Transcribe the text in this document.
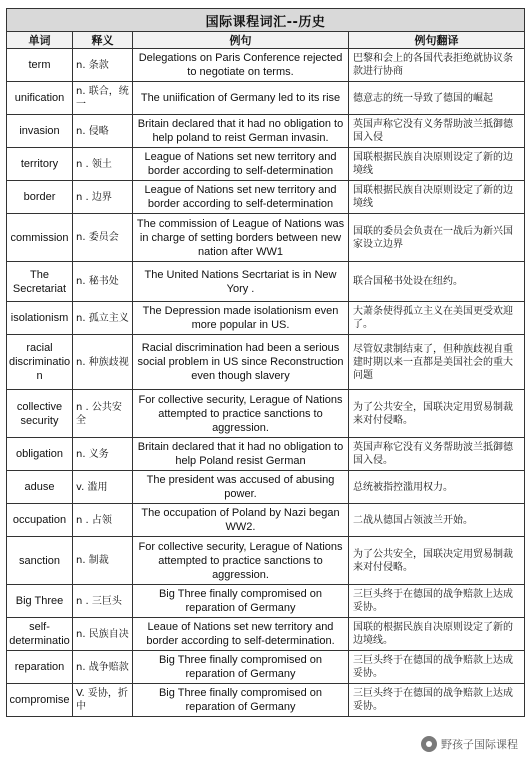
国际课程词汇--历史			
单词	释义	例句	例句翻译
term	n. 条款	Delegations on Paris Conference rejected to negotiate on terms.	巴黎和会上的各国代表拒绝就协议条款进行协商
unification	n. 联合，统一	The uniification of Germany led to its rise	德意志的统一导致了德国的崛起
invasion	n. 侵略	Britain declared that it had no obligation to help poland to reist German invasin.	英国声称它没有义务帮助波兰抵御德国入侵
territory	n . 领土	League of Nations set new territory and border according to self-determination	国联根据民族自决原则设定了新的边境线
border	n . 边界	League of Nations set new territory and border according to self-determination	国联根据民族自决原则设定了新的边境线
commission	n. 委员会	The commission of League of Nations was in charge of setting borders between new nation after WW1	国联的委员会负责在一战后为新兴国家设立边界
The Secretariat	n. 秘书处	The United Nations Secrtariat is in New Yory .	联合国秘书处设在纽约。
isolationism	n. 孤立主义	The Depression made isolationism even more popular in US.	大萧条使得孤立主义在美国更受欢迎了。
racial discriminatio n	n. 种族歧视	Racial discrimination had been a serious social problem in US since Reconstruction even though slavery	尽管奴隶制结束了，但种族歧视自重建时期以来一直都是美国社会的重大问题
collective security	n . 公共安全	For collective security, Lerague of Nations attempted to practice sanctions to aggression.	为了公共安全，国联决定用贸易制裁来对付侵略。
obligation	n. 义务	Britain declared that it had no obligation to help Poland resist German	英国声称它没有义务帮助波兰抵御德国入侵。
aduse	v. 滥用	The president was accused of abusing power.	总统被指控滥用权力。
occupation	n . 占领	The occupation of Poland by Nazi began WW2.	二战从德国占领波兰开始。
sanction	n. 制裁	For collective security, Lerague of Nations attempted to practice sanctions to aggression.	为了公共安全，国联决定用贸易制裁来对付侵略。
Big Three	n . 三巨头	Big Three finally compromised on reparation of Germany	三巨头终于在德国的战争赔款上达成妥协。
self-determinatio	n. 民族自决	Leaue of Nations set new territory and border according to self-determination.	国联的根据民族自决原则设定了新的边境线。
reparation	n. 战争赔款	Big Three finally compromised on reparation of Germany	三巨头终于在德国的战争赔款上达成妥协。
compromise	V. 妥协，折中	Big Three finally compromised on reparation of Germany	三巨头终于在德国的战争赔款上达成妥协。
野孩子国际课程
